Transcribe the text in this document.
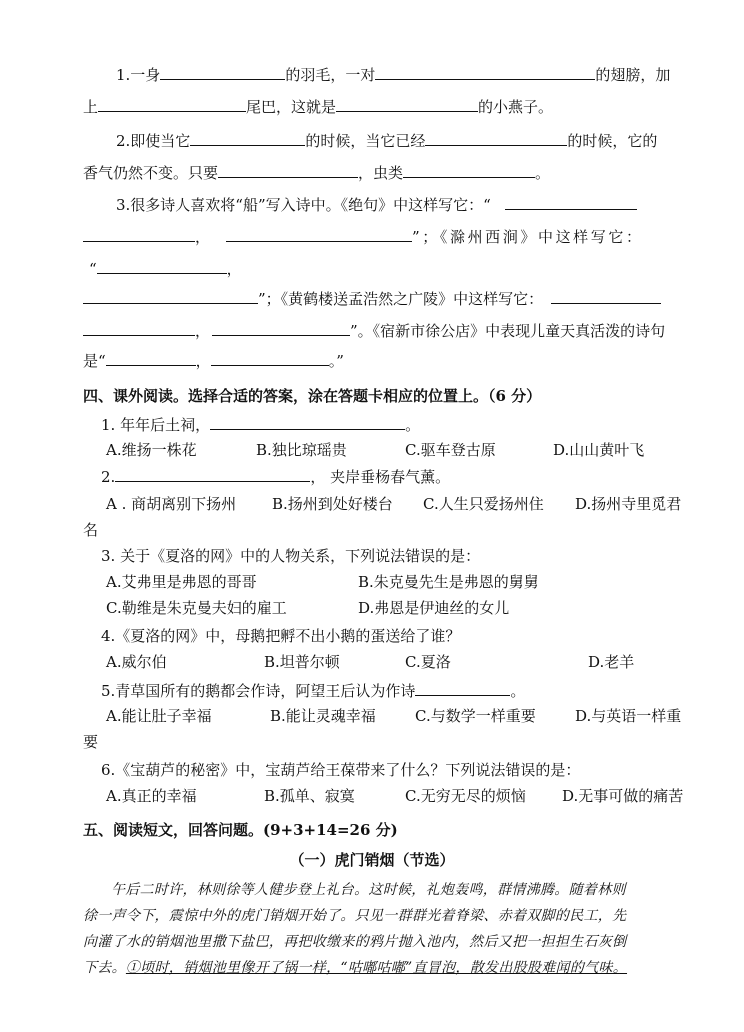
1.一身	的羽毛，一对	的翅膀，加
上	尾巴，这就是	的小燕子。
2.即使当它	的时候，当它已经	的时候，它的
香气仍然不变。只要	，虫类	。
3.很多诗人喜欢将“船”写入诗中。《绝句》中这样写它：“
，	”；《滁州西涧》中这样写它：
“	，
”；《黄鹤楼送孟浩然之广陵》中这样写它：
，	”。《宿新市徐公店》中表现儿童天真活泼的诗句
是“	，	。”
四、课外阅读。选择合适的答案，涂在答题卡相应的位置上。（6 分）
1. 年年后土祠，	。
A.维扬一株花	B.独比琼瑶贵	C.驱车登古原	D.山山黄叶飞
2.	， 夹岸垂杨春气薰。
A . 商胡离别下扬州 B.扬州到处好楼台 C.人生只爱扬州住 D.扬州寺里觅君
名
3. 关于《夏洛的网》中的人物关系，下列说法错误的是：
A.艾弗里是弗恩的哥哥	B.朱克曼先生是弗恩的舅舅
C.勒维是朱克曼夫妇的雇工	D.弗恩是伊迪丝的女儿
4.《夏洛的网》中，母鹅把孵不出小鹅的蛋送给了谁？
A.威尔伯	B.坦普尔顿	C.夏洛	D.老羊
5.青草国所有的鹅都会作诗，阿望王后认为作诗	。
A.能让肚子幸福	B.能让灵魂幸福	C.与数学一样重要	D.与英语一样重
要
6.《宝葫芦的秘密》中，宝葫芦给王葆带来了什么？下列说法错误的是：
A.真正的幸福	B.孤单、寂寞	C.无穷无尽的烦恼 D.无事可做的痛苦
五、阅读短文，回答问题。(9+3+14=26 分)
（一）虎门销烟（节选）
午后二时许，林则徐等人健步登上礼台。这时候，礼炮轰鸣，群情沸腾。随着林则
徐一声令下，震惊中外的虎门销烟开始了。只见一群群光着脊梁、赤着双脚的民工，先
向灌了水的销烟池里撒下盐巴，再把收缴来的鸦片抛入池内，然后又把一担担生石灰倒
下去。①顷时，销烟池里像开了锅一样，“咕嘟咕嘟”直冒泡，散发出股股难闻的气味。
